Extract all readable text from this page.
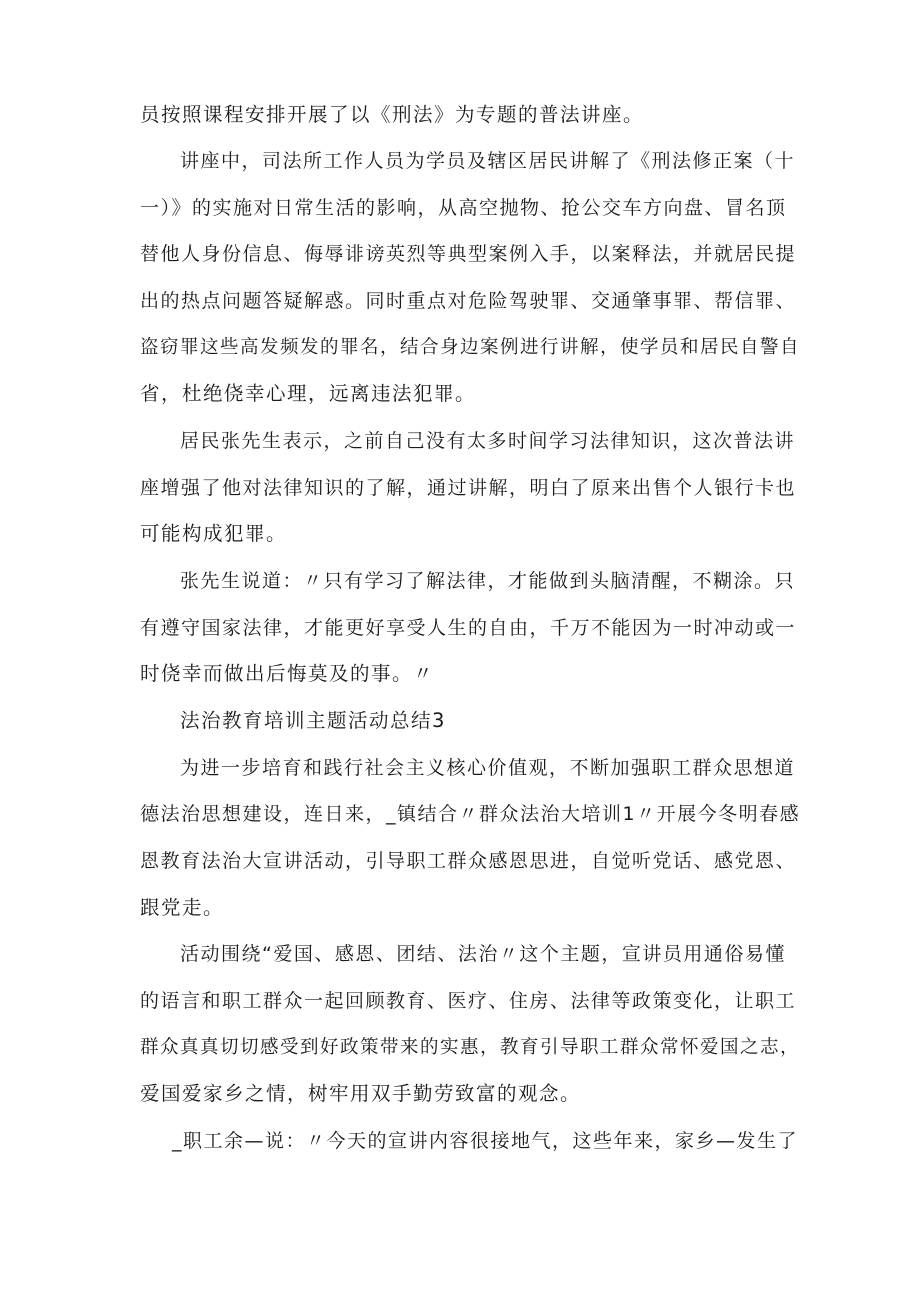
员按照课程安排开展了以《刑法》为专题的普法讲座。
讲座中，司法所工作人员为学员及辖区居民讲解了《刑法修正案（十
一）》的实施对日常生活的影响，从高空抛物、抢公交车方向盘、冒名顶
替他人身份信息、侮辱诽谤英烈等典型案例入手，以案释法，并就居民提
出的热点问题答疑解惑。同时重点对危险驾驶罪、交通肇事罪、帮信罪、
盗窃罪这些高发频发的罪名，结合身边案例进行讲解，使学员和居民自警自
省，杜绝侥幸心理，远离违法犯罪。
居民张先生表示，之前自己没有太多时间学习法律知识，这次普法讲
座增强了他对法律知识的了解，通过讲解，明白了原来出售个人银行卡也
可能构成犯罪。
张先生说道：〃只有学习了解法律，才能做到头脑清醒，不糊涂。只
有遵守国家法律，才能更好享受人生的自由，千万不能因为一时冲动或一
时侥幸而做出后悔莫及的事。〃
法治教育培训主题活动总结3
为进一步培育和践行社会主义核心价值观，不断加强职工群众思想道
德法治思想建设，连日来，_镇结合〃群众法治大培训1〃开展今冬明春感
恩教育法治大宣讲活动，引导职工群众感恩思进，自觉听党话、感党恩、
跟党走。
活动围绕“爱国、感恩、团结、法治〃这个主题，宣讲员用通俗易懂
的语言和职工群众一起回顾教育、医疗、住房、法律等政策变化，让职工
群众真真切切感受到好政策带来的实惠，教育引导职工群众常怀爱国之志，
爱国爱家乡之情，树牢用双手勤劳致富的观念。
_职工余—说：〃今天的宣讲内容很接地气，这些年来，家乡—发生了
